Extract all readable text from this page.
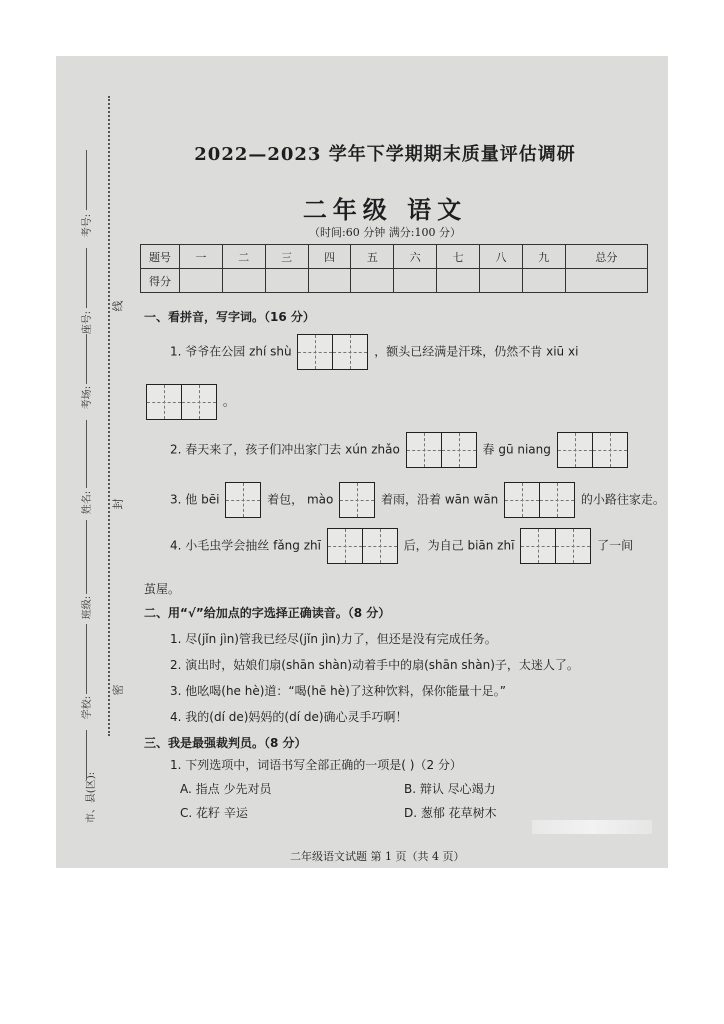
考号:
座号:
考场:
姓名:
班级:
学校:
市、县(区):
线
封
密
2022—2023 学年下学期期末质量评估调研
二年级 语文
（时间:60 分钟 满分:100 分）
题号	一	二	三	四	五	六	七	八	九	总分
得分										
一、看拼音，写字词。（16 分）
1. 爷爷在公园 zhí shù	，额头已经满是汗珠，仍然不肯 xiū xi
。
2. 春天来了，孩子们冲出家门去 xún zhǎo	春 gū niang
3. 他 bēi	着包， mào	着雨，沿着 wān wān	的小路往家走。
4. 小毛虫学会抽丝 fǎng zhī	后，为自己 biān zhī	了一间
茧屋。
二、用“√”给加点的字选择正确读音。（8 分）
1. 尽(jǐn jìn)管我已经尽(jǐn jìn)力了，但还是没有完成任务。
2. 演出时，姑娘们扇(shān shàn)动着手中的扇(shān shàn)子，太迷人了。
3. 他吆喝(he hè)道：“喝(hē hè)了这种饮料，保你能量十足。”
4. 我的(dí de)妈妈的(dí de)确心灵手巧啊！
三、我是最强裁判员。（8 分）
1. 下列选项中，词语书写全部正确的一项是( )（2 分）
A. 指点 少先对员	B. 辩认 尽心竭力
C. 花籽 辛运	D. 葱郁 花草树木
二年级语文试题 第 1 页（共 4 页）
